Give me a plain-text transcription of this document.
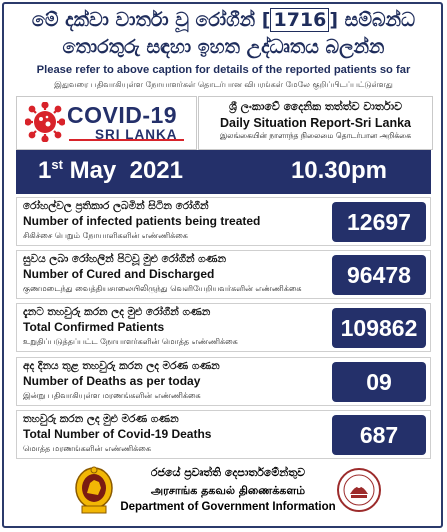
මේ දක්වා වාර්තා වූ රෝගීන් [ 1716 ] සම්බන්ධ
තොරතුරු සඳහා ඉහත උද්ධෘතය බලන්න
Please refer to above caption for details of the reported patients so far
இதுவரை பதிவாகியுள்ள நோயாளர்கள் தொடர்பான விபரங்கள் மேலே குறிப்பிடப்பட்டுள்ளது
COVID-19
SRI LANKA
ශ්‍රී ලංකාවේ දෛනික තත්ත්ව වාර්තාව
Daily Situation Report-Sri Lanka
இலங்கையின் நாளாந்த நிலைமை தொடர்பான அறிக்கை
1st May  2021	10.30pm
රෝහල්වල ප්‍රතිකාර ලබමින් සිටින රෝගීන්
Number of infected patients being treated
சிகிச்சை பெறும் நோயாளிகளின் எண்ணிக்கை
12697
සුවය ලබා රෝහලින් පිටවූ මුළු රෝගීන් ගණන
Number of Cured and Discharged
குணமடைந்து வைத்தியசாலையிலிருந்து வெளியேறியவர்களின் எண்ணிக்கை
96478
දැනට තහවුරු කරන ලද මුළු රෝගීන් ගණන
Total Confirmed Patients
உறுதிப்படுத்தப்பட்ட நோயாளர்களின் மொத்த எண்ணிக்கை
109862
අද දිනය තුළ තහවුරු කරන ලද මරණ ගණන
Number of Deaths as per today
இன்று பதிவாகியுள்ள மரணங்களின் எண்ணிக்கை
09
තහවුරු කරන ලද මුළු මරණ ගණන
Total Number of Covid-19 Deaths
மொத்த மரணங்களின் எண்ணிக்கை
687
රජයේ ප්‍රවෘත්ති දෙපාර්තමේන්තුව
அரசாங்க தகவல் திணைக்களம்
Department of Government Information
